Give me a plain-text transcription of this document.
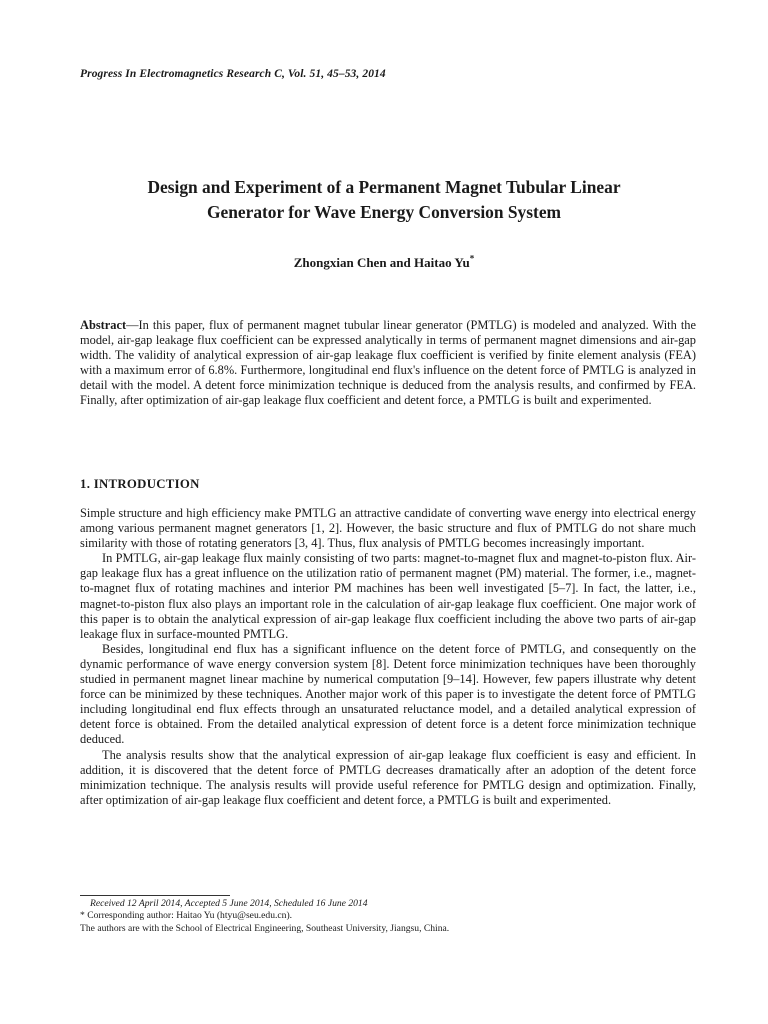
Progress In Electromagnetics Research C, Vol. 51, 45–53, 2014
Design and Experiment of a Permanent Magnet Tubular Linear
Generator for Wave Energy Conversion System
Zhongxian Chen and Haitao Yu*
Abstract—In this paper, flux of permanent magnet tubular linear generator (PMTLG) is modeled and analyzed. With the model, air-gap leakage flux coefficient can be expressed analytically in terms of permanent magnet dimensions and air-gap width. The validity of analytical expression of air-gap leakage flux coefficient is verified by finite element analysis (FEA) with a maximum error of 6.8%. Furthermore, longitudinal end flux's influence on the detent force of PMTLG is analyzed in detail with the model. A detent force minimization technique is deduced from the analysis results, and confirmed by FEA. Finally, after optimization of air-gap leakage flux coefficient and detent force, a PMTLG is built and experimented.
1. INTRODUCTION

Simple structure and high efficiency make PMTLG an attractive candidate of converting wave energy into electrical energy among various permanent magnet generators [1, 2]. However, the basic structure and flux of PMTLG do not share much similarity with those of rotating generators [3, 4]. Thus, flux analysis of PMTLG becomes increasingly important.

In PMTLG, air-gap leakage flux mainly consisting of two parts: magnet-to-magnet flux and magnet-to-piston flux. Air-gap leakage flux has a great influence on the utilization ratio of permanent magnet (PM) material. The former, i.e., magnet-to-magnet flux of rotating machines and interior PM machines has been well investigated [5–7]. In fact, the latter, i.e., magnet-to-piston flux also plays an important role in the calculation of air-gap leakage flux coefficient. One major work of this paper is to obtain the analytical expression of air-gap leakage flux coefficient including the above two parts of air-gap leakage flux in surface-mounted PMTLG.

Besides, longitudinal end flux has a significant influence on the detent force of PMTLG, and consequently on the dynamic performance of wave energy conversion system [8]. Detent force minimization techniques have been thoroughly studied in permanent magnet linear machine by numerical computation [9–14]. However, few papers illustrate why detent force can be minimized by these techniques. Another major work of this paper is to investigate the detent force of PMTLG including longitudinal end flux effects through an unsaturated reluctance model, and a detailed analytical expression of detent force is obtained. From the detailed analytical expression of detent force is a detent force minimization technique deduced.

The analysis results show that the analytical expression of air-gap leakage flux coefficient is easy and efficient. In addition, it is discovered that the detent force of PMTLG decreases dramatically after an adoption of the detent force minimization technique. The analysis results will provide useful reference for PMTLG design and optimization. Finally, after optimization of air-gap leakage flux coefficient and detent force, a PMTLG is built and experimented.

Received 12 April 2014, Accepted 5 June 2014, Scheduled 16 June 2014
* Corresponding author: Haitao Yu (htyu@seu.edu.cn).
The authors are with the School of Electrical Engineering, Southeast University, Jiangsu, China.
